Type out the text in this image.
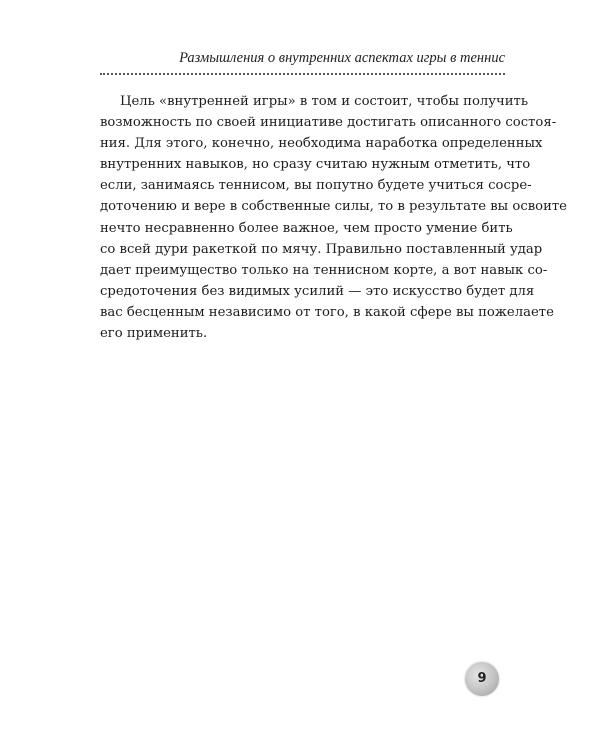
Размышления о внутренних аспектах игры в теннис
Цель «внутренней игры» в том и состоит, чтобы получить
возможность по своей инициативе достигать описанного состоя-
ния. Для этого, конечно, необходима наработка определенных
внутренних навыков, но сразу считаю нужным отметить, что
если, занимаясь теннисом, вы попутно будете учиться сосре-
доточению и вере в собственные силы, то в результате вы освоите
нечто несравненно более важное, чем просто умение бить
со всей дури ракеткой по мячу. Правильно поставленный удар
дает преимущество только на теннисном корте, а вот навык со-
средоточения без видимых усилий — это искусство будет для
вас бесценным независимо от того, в какой сфере вы пожелаете
его применить.
9
